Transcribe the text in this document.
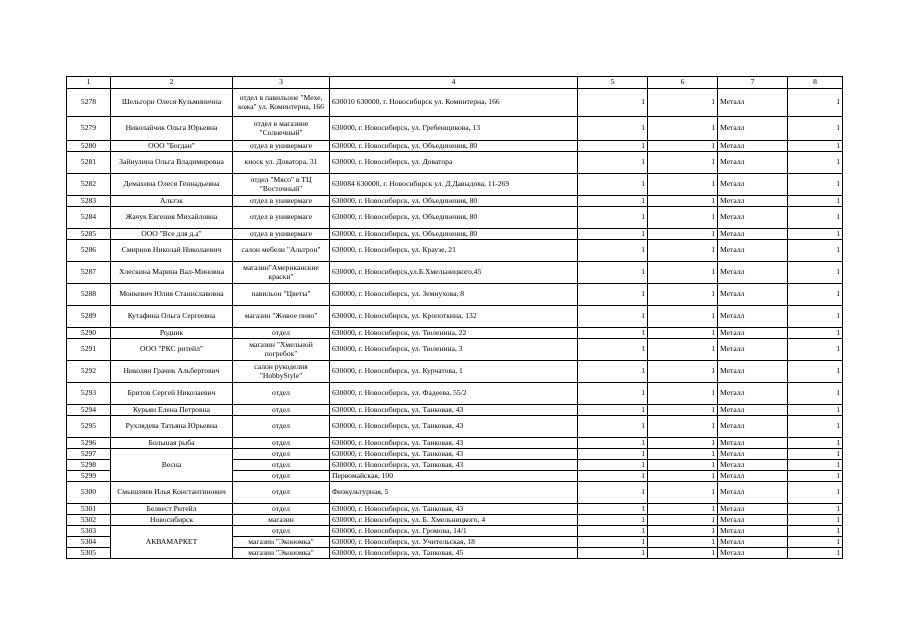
1	2	3	4	5	6	7	8
5278	Шельгорн Олеся Кузьминична	отдел в павильоне "Мехе, кожа" ул. Коминтерна, 166	630010 630000, г. Новосибирск ул. Коминтерна, 166	1	1	Металл	1
5279	Николайчик Ольга Юрьевна	отдел в магазине "Солнечный"	630000, г. Новосибирск, ул. Гребенщикова, 13	1	1	Металл	1
5280	ООО "Богдан"	отдел в универмаге	630000, г. Новосибирск, ул. Объединения, 80	1	1	Металл	1
5281	Зайнулина Ольга Владимировна	киоск ул. Доватора, 31	630000, г. Новосибирск, ул. Доватора	1	1	Металл	1
5282	Демахина Олеся Геннадьевна	отдел "Мясо" в ТЦ "Восточный"	630084 630000, г. Новосибирск ул. Д.Давыдова, 11-269	1	1	Металл	1
5283	Альтэк	отдел в универмаге	630000, г. Новосибирск, ул. Объединения, 80	1	1	Металл	1
5284	Жачук Евгения Михайловна	отдел в универмаге	630000, г. Новосибирск, ул. Объединения, 80	1	1	Металл	1
5285	ООО "Все для д.а"	отдел в универмаге	630000, г. Новосибирск, ул. Объединения, 80	1	1	Металл	1
5286	Смирнов Николай Николаевич	салон мебели "Альтрон"	630000, г. Новосибирск, ул. Краузе, 21	1	1	Металл	1
5287	Хлескина Марина Вал-Миновна	магазин"Американские краски"	630000, г. Новосибирск,ул.Б.Хмельницкого,45	1	1	Металл	1
5288	Моикевич Юлия Станиславовна	павильон "Цветы"	630000, г. Новосибирск, ул. Земнухова, 8	1	1	Металл	1
5289	Кутафина Ольга Сергеевна	магазин "Живое пиво"	630000, г. Новосибирск, ул. Кропоткина, 132	1	1	Металл	1
5290	Родник	отдел	630000, г. Новосибирск, ул. Тюленина, 22	1	1	Металл	1
5291	ООО "РКС ритейл"	магазин "Хмельной погребок"	630000, г. Новосибирск, ул. Тюленина, 3	1	1	Металл	1
5292	Николян Грачик Альбертович	салон рукоделия "HobbyStyle"	630000, г. Новосибирск, ул. Курчатова, 1	1	1	Металл	1
5293	Бритов Сергей Николаевич	отдел	630000, г. Новосибирск, ул. Фадеева, 55/2	1	1	Металл	1
5294	Курьян Елена Петровна	отдел	630000, г. Новосибирск, ул. Танковая, 43	1	1	Металл	1
5295	Рухлядева Татьяна Юрьевна	отдел	630000, г. Новосибирск, ул. Танковая, 43	1	1	Металл	1
5296	Большая рыба	отдел	630000, г. Новосибирск, ул. Танковая, 43	1	1	Металл	1
5297	Весна	отдел	630000, г. Новосибирск, ул. Танковая, 43	1	1	Металл	1
5298		отдел	630000, г. Новосибирск, ул. Танковая, 43	1	1	Металл	1
5299		отдел	Первомайская, 100	1	1	Металл	1
5300	Смышляев Илья Константинович	отдел	Физкультурная, 5	1	1	Металл	1
5301	Белвест Ритейл	отдел	630000, г. Новосибирск, ул. Танковая, 43	1	1	Металл	1
5302	Новосибирск	магазин	630000, г. Новосибирск, ул. Б. Хмельницкого, 4	1	1	Металл	1
5303	АКВАМАРКЕТ	отдел	630000, г. Новосибирск, ул. Громова, 14/1	1	1	Металл	1
5304		магазин "Экономка"	630000, г. Новосибирск, ул. Учительская, 18	1	1	Металл	1
5305		магазин "Экономка"	630000, г. Новосибирск, ул. Танковая, 45	1	1	Металл	1
